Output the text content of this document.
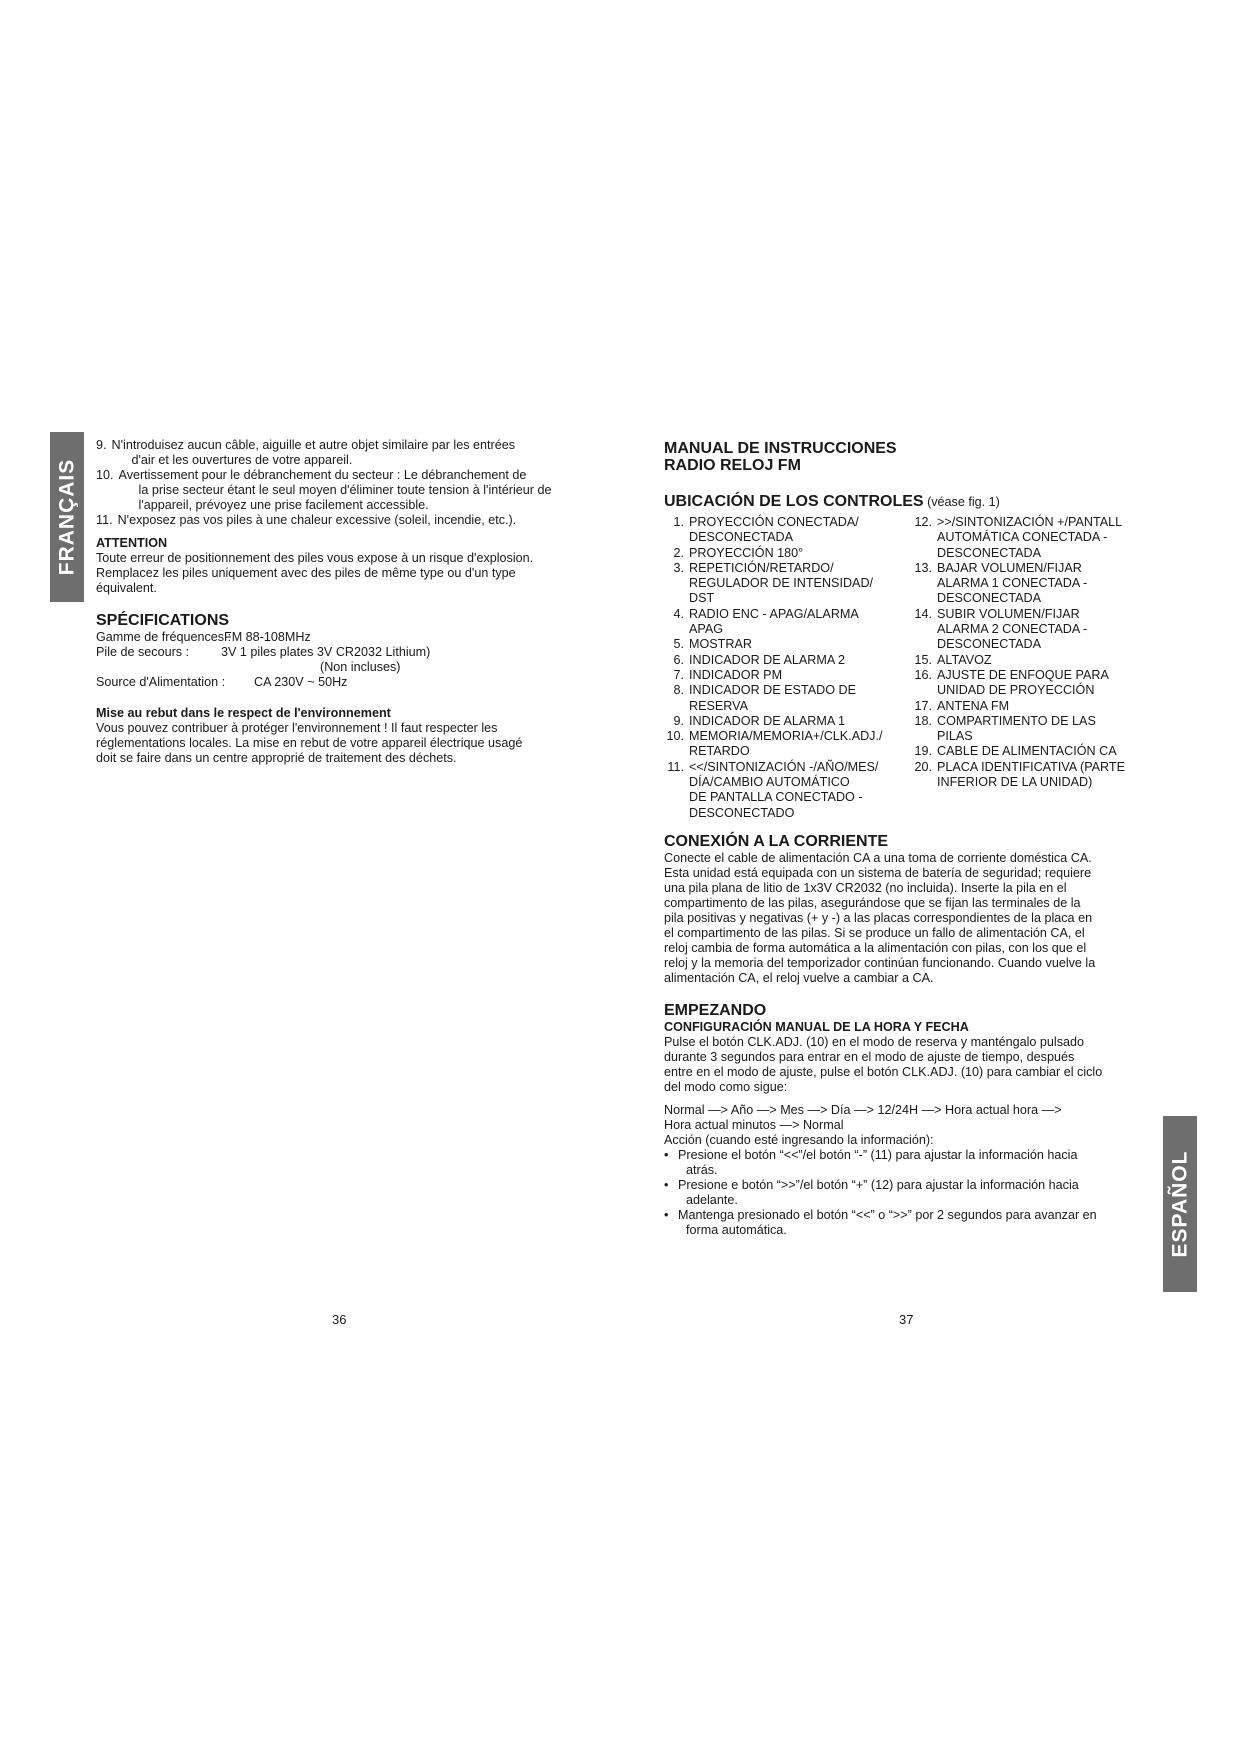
FRANÇAIS
ESPAÑOL
9. N'introduisez aucun câble, aiguille et autre objet similaire par les entrées
d'air et les ouvertures de votre appareil.
10. Avertissement pour le débranchement du secteur : Le débranchement de
la prise secteur étant le seul moyen d'éliminer toute tension à l'intérieur de
l'appareil, prévoyez une prise facilement accessible.
11. N'exposez pas vos piles à une chaleur excessive (soleil, incendie, etc.).
ATTENTION
Toute erreur de positionnement des piles vous expose à un risque d'explosion.
Remplacez les piles uniquement avec des piles de même type ou d'un type
équivalent.
SPÉCIFICATIONS
Gamme de fréquences :
FM 88-108MHz
Pile de secours :	3V 1 piles plates 3V CR2032 Lithium)
(Non incluses)
Source d'Alimentation :	CA 230V ~ 50Hz
Mise au rebut dans le respect de l'environnement
Vous pouvez contribuer à protéger l'environnement ! Il faut respecter les
réglementations locales. La mise en rebut de votre appareil électrique usagé
doit se faire dans un centre approprié de traitement des déchets.
MANUAL DE INSTRUCCIONES
RADIO RELOJ FM
UBICACIÓN DE LOS CONTROLES (véase fig. 1)
1. PROYECCIÓN CONECTADA/
DESCONECTADA
2. PROYECCIÓN 180°
3. REPETICIÓN/RETARDO/
REGULADOR DE INTENSIDAD/
DST
4. RADIO ENC - APAG/ALARMA
APAG
5. MOSTRAR
6. INDICADOR DE ALARMA 2
7. INDICADOR PM
8. INDICADOR DE ESTADO DE
RESERVA
9. INDICADOR DE ALARMA 1
10. MEMORIA/MEMORIA+/CLK.ADJ./
RETARDO
11. <</SINTONIZACIÓN -/AÑO/MES/
DÍA/CAMBIO AUTOMÁTICO
DE PANTALLA CONECTADO -
DESCONECTADO
12. >>/SINTONIZACIÓN +/PANTALL
AUTOMÁTICA CONECTADA -
DESCONECTADA
13. BAJAR VOLUMEN/FIJAR
ALARMA 1 CONECTADA -
DESCONECTADA
14. SUBIR VOLUMEN/FIJAR
ALARMA 2 CONECTADA -
DESCONECTADA
15. ALTAVOZ
16. AJUSTE DE ENFOQUE PARA
UNIDAD DE PROYECCIÓN
17. ANTENA FM
18. COMPARTIMENTO DE LAS
PILAS
19. CABLE DE ALIMENTACIÓN CA
20. PLACA IDENTIFICATIVA (PARTE
INFERIOR DE LA UNIDAD)
CONEXIÓN A LA CORRIENTE
Conecte el cable de alimentación CA a una toma de corriente doméstica CA.
Esta unidad está equipada con un sistema de batería de seguridad; requiere
una pila plana de litio de 1x3V CR2032 (no incluida). Inserte la pila en el
compartimento de las pilas, asegurándose que se fijan las terminales de la
pila positivas y negativas (+ y -) a las placas correspondientes de la placa en
el compartimento de las pilas. Si se produce un fallo de alimentación CA, el
reloj cambia de forma automática a la alimentación con pilas, con los que el
reloj y la memoria del temporizador continúan funcionando. Cuando vuelve la
alimentación CA, el reloj vuelve a cambiar a CA.
EMPEZANDO
CONFIGURACIÓN MANUAL DE LA HORA Y FECHA
Pulse el botón CLK.ADJ. (10) en el modo de reserva y manténgalo pulsado
durante 3 segundos para entrar en el modo de ajuste de tiempo, después
entre en el modo de ajuste, pulse el botón CLK.ADJ. (10) para cambiar el ciclo
del modo como sigue:
Normal —> Año —> Mes —> Día —> 12/24H —> Hora actual hora —>
Hora actual minutos —> Normal
Acción (cuando esté ingresando la información):
• Presione el botón “<<”/el botón “-” (11) para ajustar la información hacia
atrás.
• Presione e botón “>>”/el botón “+” (12) para ajustar la información hacia
adelante.
• Mantenga presionado el botón “<<” o “>>” por 2 segundos para avanzar en
forma automática.
36	37
